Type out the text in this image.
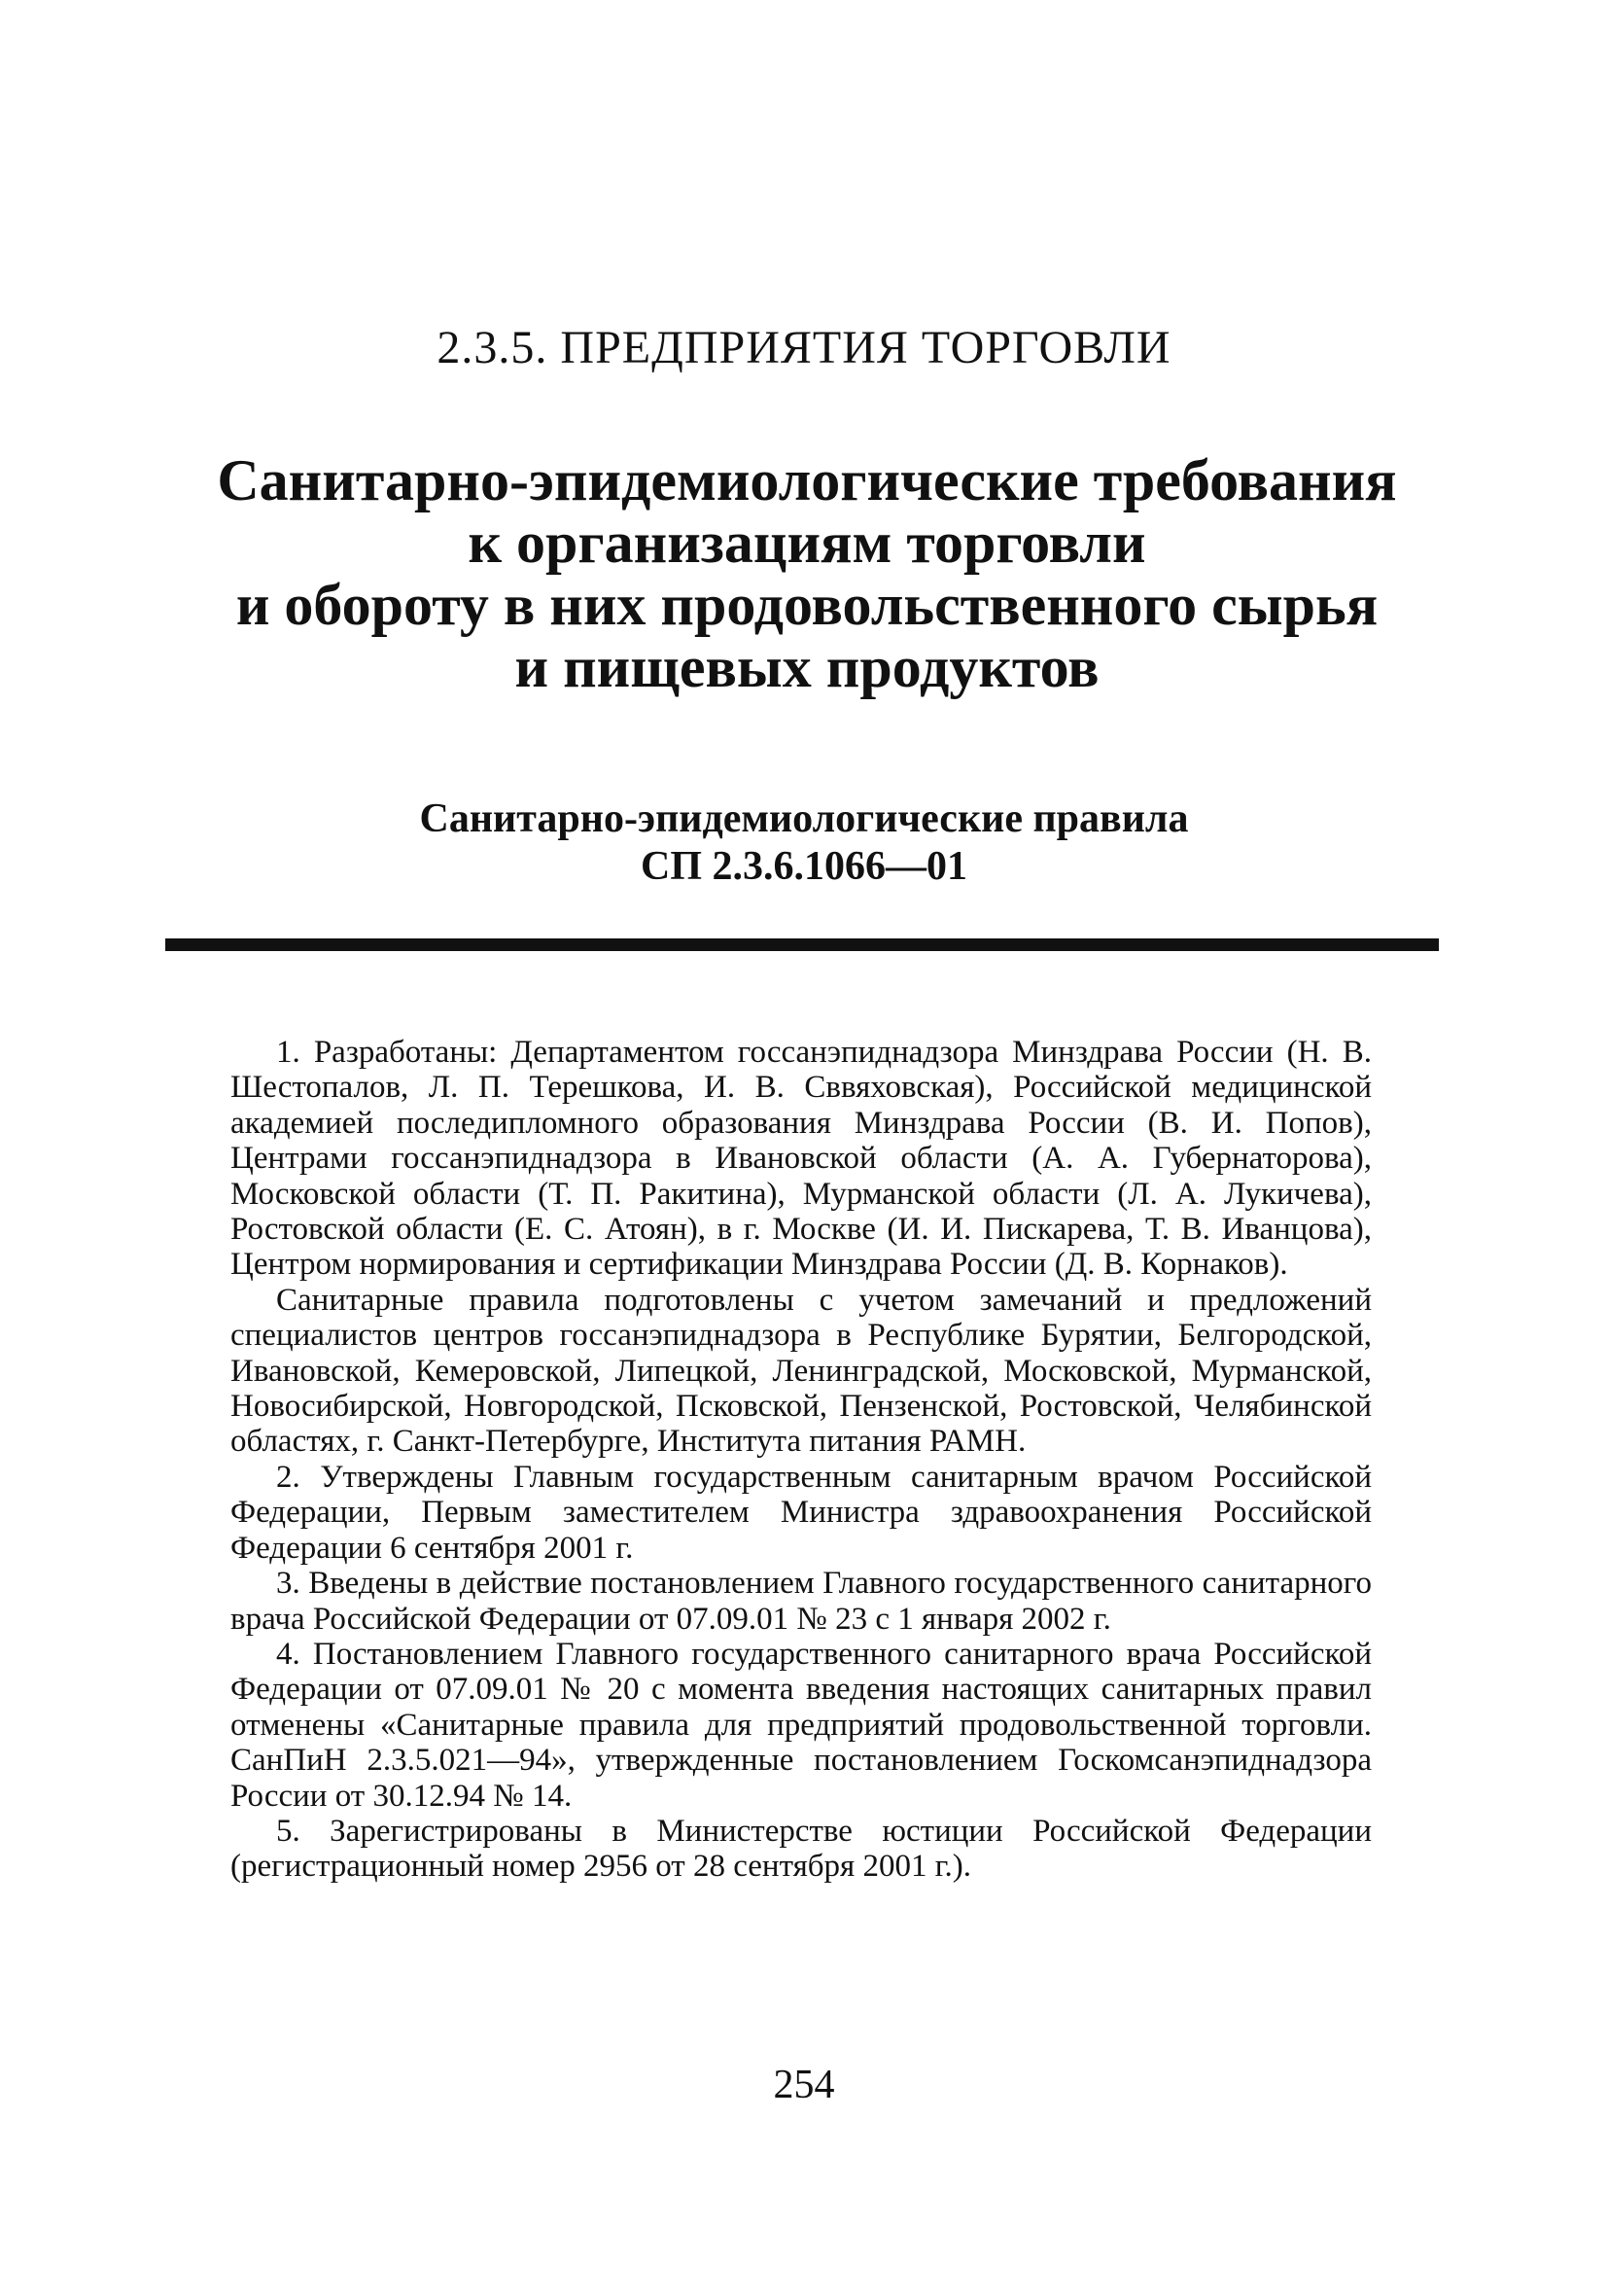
2.3.5. ПРЕДПРИЯТИЯ ТОРГОВЛИ
Санитарно-эпидемиологические требования
к организациям торговли
и обороту в них продовольственного сырья
и пищевых продуктов
Санитарно-эпидемиологические правила
СП 2.3.6.1066—01

1. Разработаны: Департаментом госсанэпиднадзора Минздрава России (Н. В. Шестопалов, Л. П. Терешкова, И. В. Сввяховская), Российской медицинской академией последипломного образования Минздрава России (В. И. Попов), Центрами госсанэпиднадзора в Ивановской области (А. А. Губернаторова), Московской области (Т. П. Ракитина), Мурманской области (Л. А. Лукичева), Ростовской области (Е. С. Атоян), в г. Москве (И. И. Пискарева, Т. В. Иванцова), Центром нормирования и сертификации Минздрава России (Д. В. Корнаков).

Санитарные правила подготовлены с учетом замечаний и предложений специалистов центров госсанэпиднадзора в Республике Бурятии, Белгородской, Ивановской, Кемеровской, Липецкой, Ленинградской, Московской, Мурманской, Новосибирской, Новгородской, Псковской, Пензенской, Ростовской, Челябинской областях, г. Санкт-Петербурге, Института питания РАМН.

2. Утверждены Главным государственным санитарным врачом Российской Федерации, Первым заместителем Министра здравоохранения Российской Федерации 6 сентября 2001 г.

3. Введены в действие постановлением Главного государственного санитарного врача Российской Федерации от 07.09.01 № 23 с 1 января 2002 г.

4. Постановлением Главного государственного санитарного врача Российской Федерации от 07.09.01 № 20 с момента введения настоящих санитарных правил отменены «Санитарные правила для предприятий продовольственной торговли. СанПиН 2.3.5.021—94», утвержденные постановлением Госкомсанэпиднадзора России от 30.12.94 № 14.

5. Зарегистрированы в Министерстве юстиции Российской Федерации (регистрационный номер 2956 от 28 сентября 2001 г.).

254
